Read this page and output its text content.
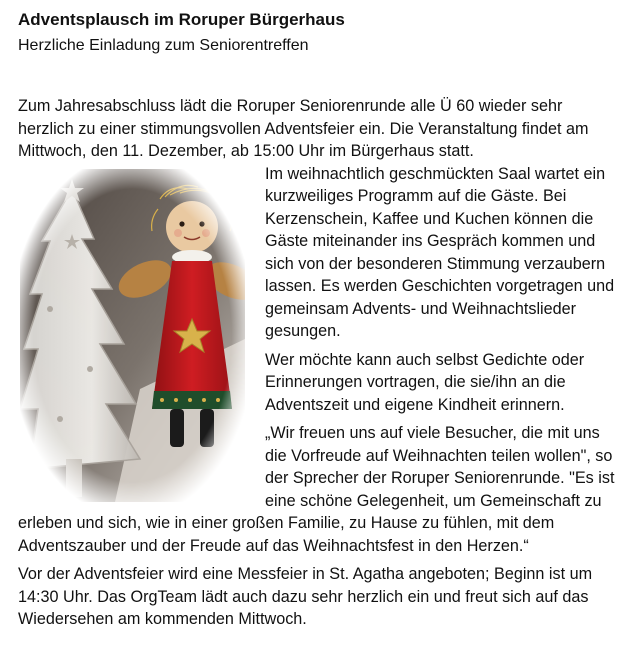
Adventsplausch im Roruper Bürgerhaus

Herzliche Einladung zum Seniorentreffen

Zum Jahresabschluss lädt die Roruper Seniorenrunde alle Ü 60 wieder sehr herzlich zu einer stimmungsvollen Adventsfeier ein. Die Veranstaltung findet am Mittwoch, den 11. Dezember, ab 15:00 Uhr im Bürgerhaus statt.

Im weihnachtlich geschmückten Saal wartet ein kurzweiliges Programm auf die Gäste. Bei Kerzenschein, Kaffee und Kuchen können die Gäste miteinander ins Gespräch kommen und sich von der besonderen Stimmung verzaubern lassen. Es werden Geschichten vorgetragen und gemeinsam Advents- und Weihnachtslieder gesungen.

Wer möchte kann auch selbst Gedichte oder Erinnerungen vortragen, die sie/ihn an die Adventszeit und eigene Kindheit erinnern.

„Wir freuen uns auf viele Besucher, die mit uns die Vorfreude auf Weihnachten teilen wollen", so der Sprecher der Roruper Seniorenrunde. "Es ist eine schöne Gelegenheit, um Gemeinschaft zu erleben und sich, wie in einer großen Familie, zu Hause zu fühlen, mit dem Adventszauber und der Freude auf das Weihnachtsfest in den Herzen.“

Vor der Adventsfeier wird eine Messfeier in St. Agatha angeboten; Beginn ist um 14:30 Uhr. Das OrgTeam lädt auch dazu sehr herzlich ein und freut sich auf das Wiedersehen am kommenden Mittwoch.
